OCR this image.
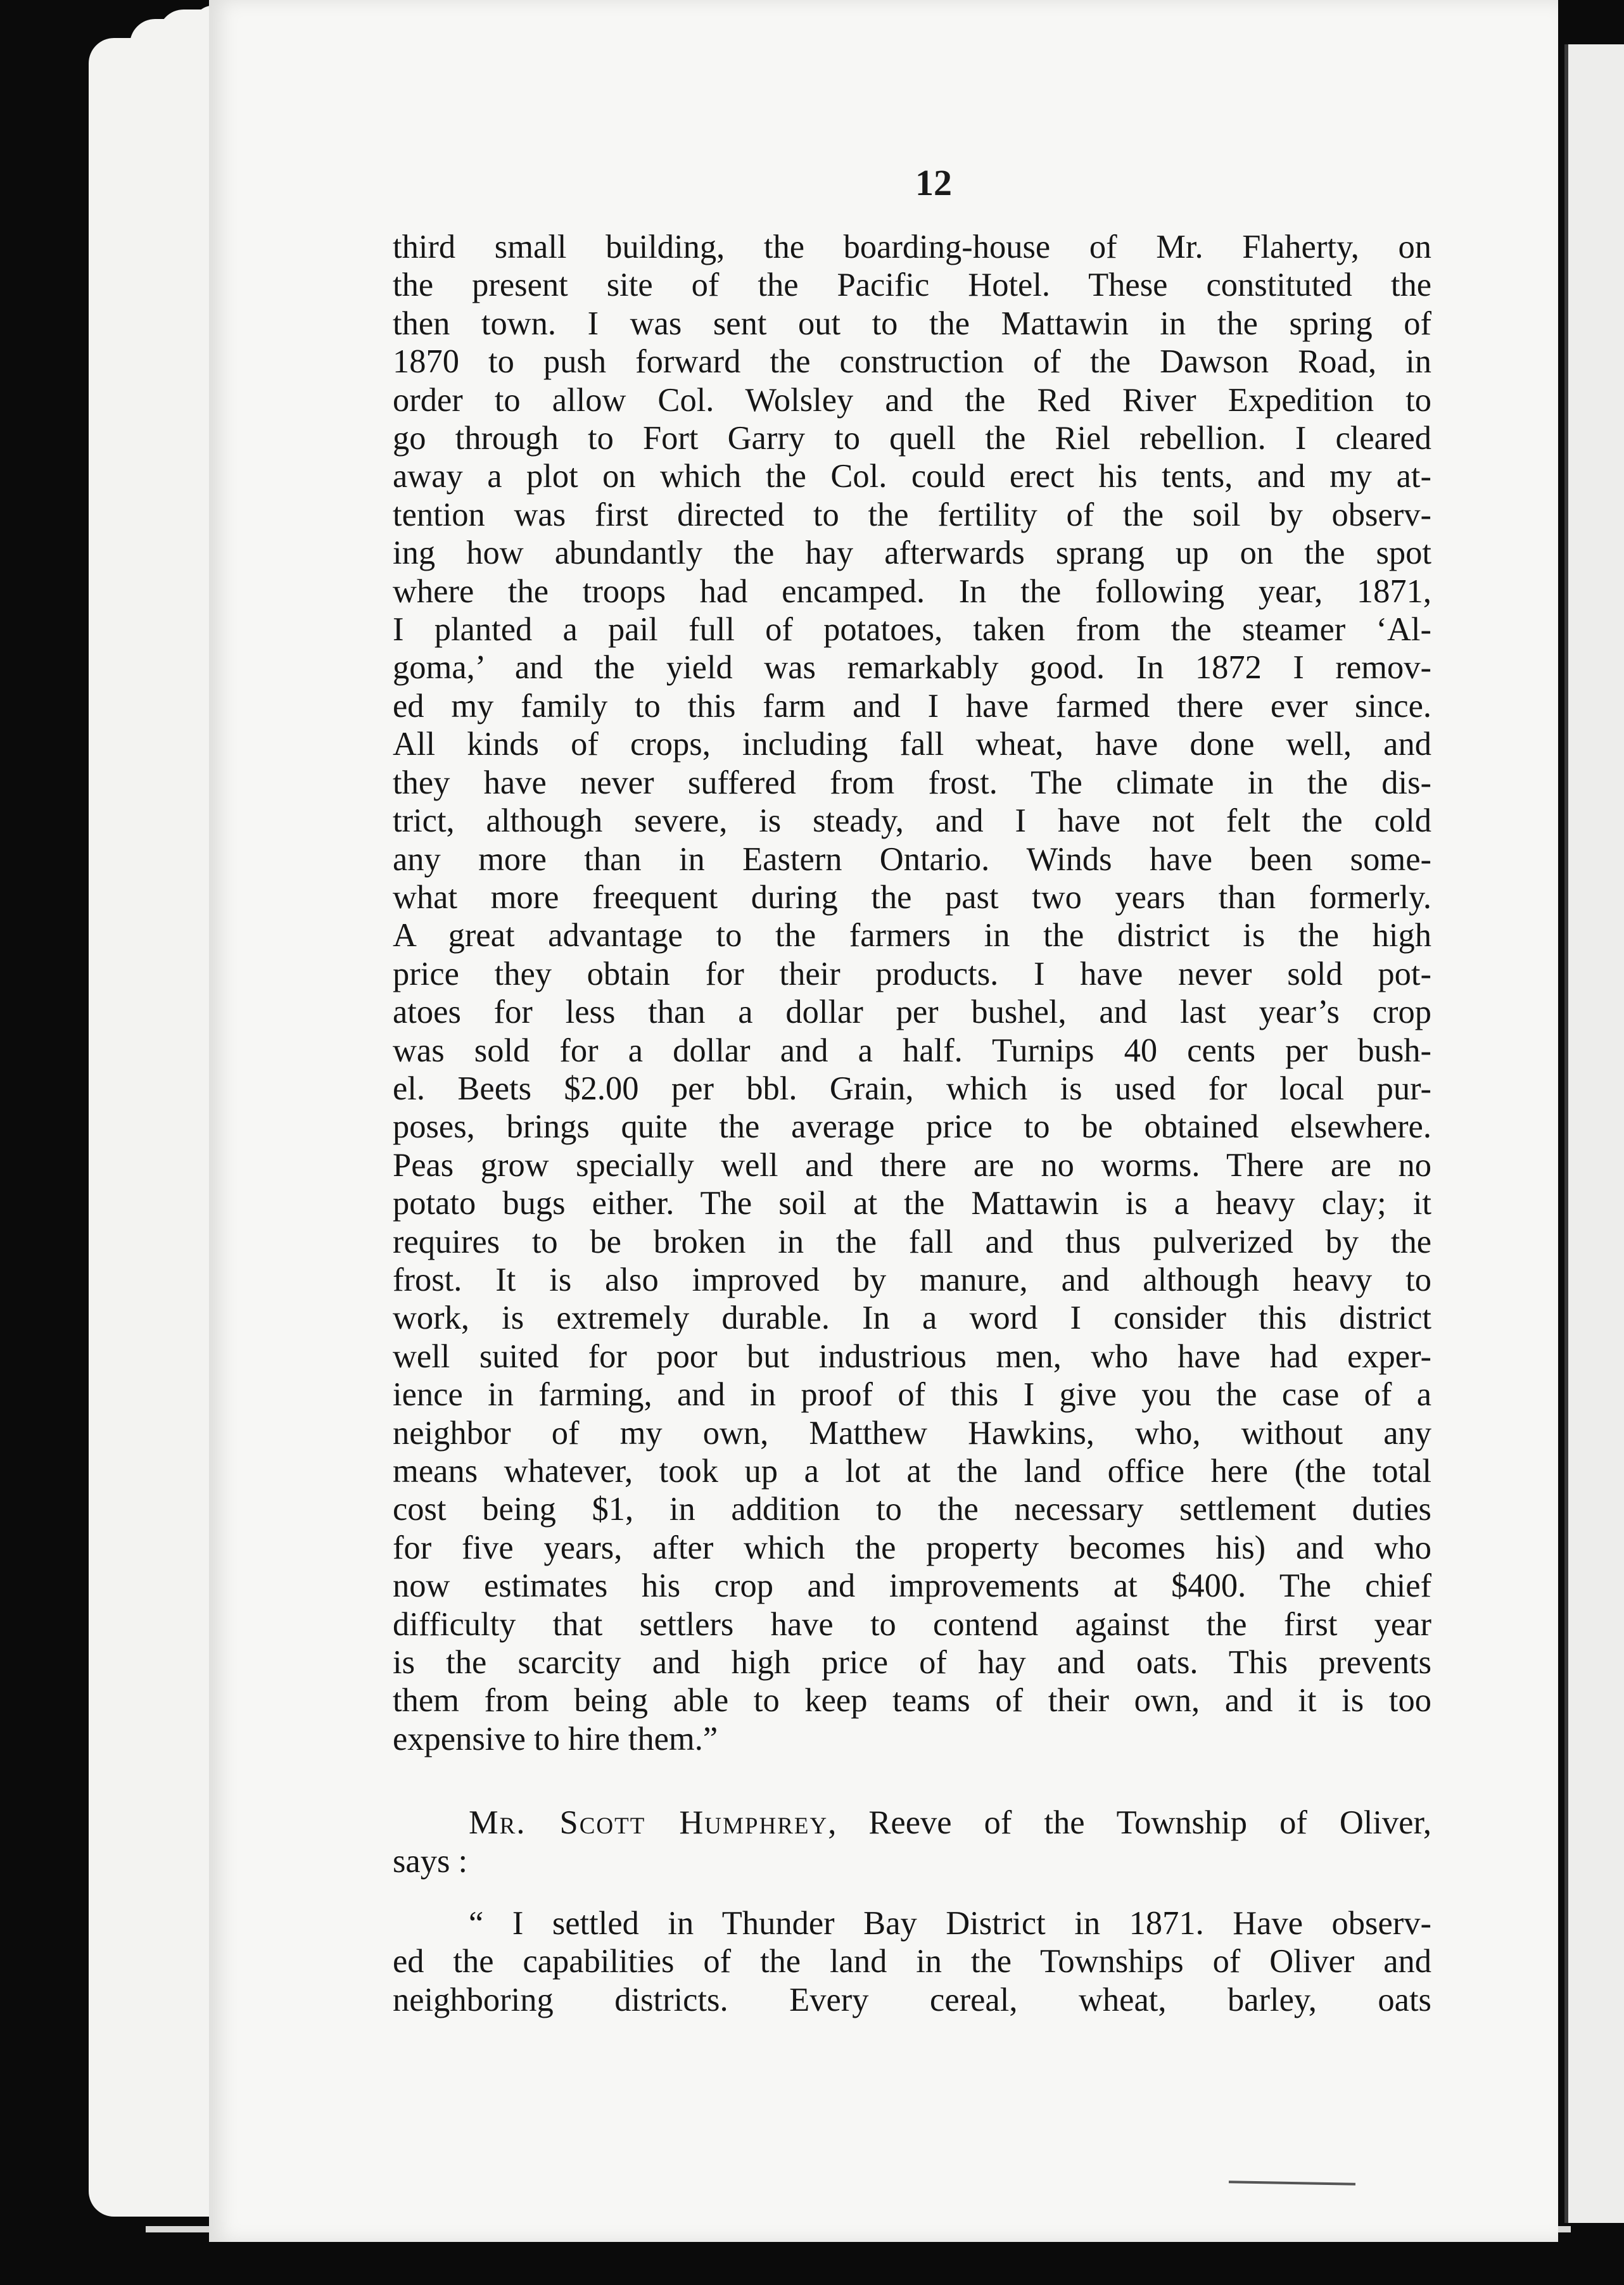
12
third small building, the boarding-house of Mr. Flaherty, on
the present site of the Pacific Hotel. These constituted the
then town. I was sent out to the Mattawin in the spring of
1870 to push forward the construction of the Dawson Road, in
order to allow Col. Wolsley and the Red River Expedition to
go through to Fort Garry to quell the Riel rebellion. I cleared
away a plot on which the Col. could erect his tents, and my at-
tention was first directed to the fertility of the soil by observ-
ing how abundantly the hay afterwards sprang up on the spot
where the troops had encamped. In the following year, 1871,
I planted a pail full of potatoes, taken from the steamer ‘Al-
goma,’ and the yield was remarkably good. In 1872 I remov-
ed my family to this farm and I have farmed there ever since.
All kinds of crops, including fall wheat, have done well, and
they have never suffered from frost. The climate in the dis-
trict, although severe, is steady, and I have not felt the cold
any more than in Eastern Ontario. Winds have been some-
what more freequent during the past two years than formerly.
A great advantage to the farmers in the district is the high
price they obtain for their products. I have never sold pot-
atoes for less than a dollar per bushel, and last year’s crop
was sold for a dollar and a half. Turnips 40 cents per bush-
el. Beets $2.00 per bbl. Grain, which is used for local pur-
poses, brings quite the average price to be obtained elsewhere.
Peas grow specially well and there are no worms. There are no
potato bugs either. The soil at the Mattawin is a heavy clay; it
requires to be broken in the fall and thus pulverized by the
frost. It is also improved by manure, and although heavy to
work, is extremely durable. In a word I consider this district
well suited for poor but industrious men, who have had exper-
ience in farming, and in proof of this I give you the case of a
neighbor of my own, Matthew Hawkins, who, without any
means whatever, took up a lot at the land office here (the total
cost being $1, in addition to the necessary settlement duties
for five years, after which the property becomes his) and who
now estimates his crop and improvements at $400. The chief
difficulty that settlers have to contend against the first year
is the scarcity and high price of hay and oats. This prevents
them from being able to keep teams of their own, and it is too
expensive to hire them.”
Mr. Scott Humphrey, Reeve of the Township of Oliver,
says :
“ I settled in Thunder Bay District in 1871. Have observ-
ed the capabilities of the land in the Townships of Oliver and
neighboring districts. Every cereal, wheat, barley, oats
